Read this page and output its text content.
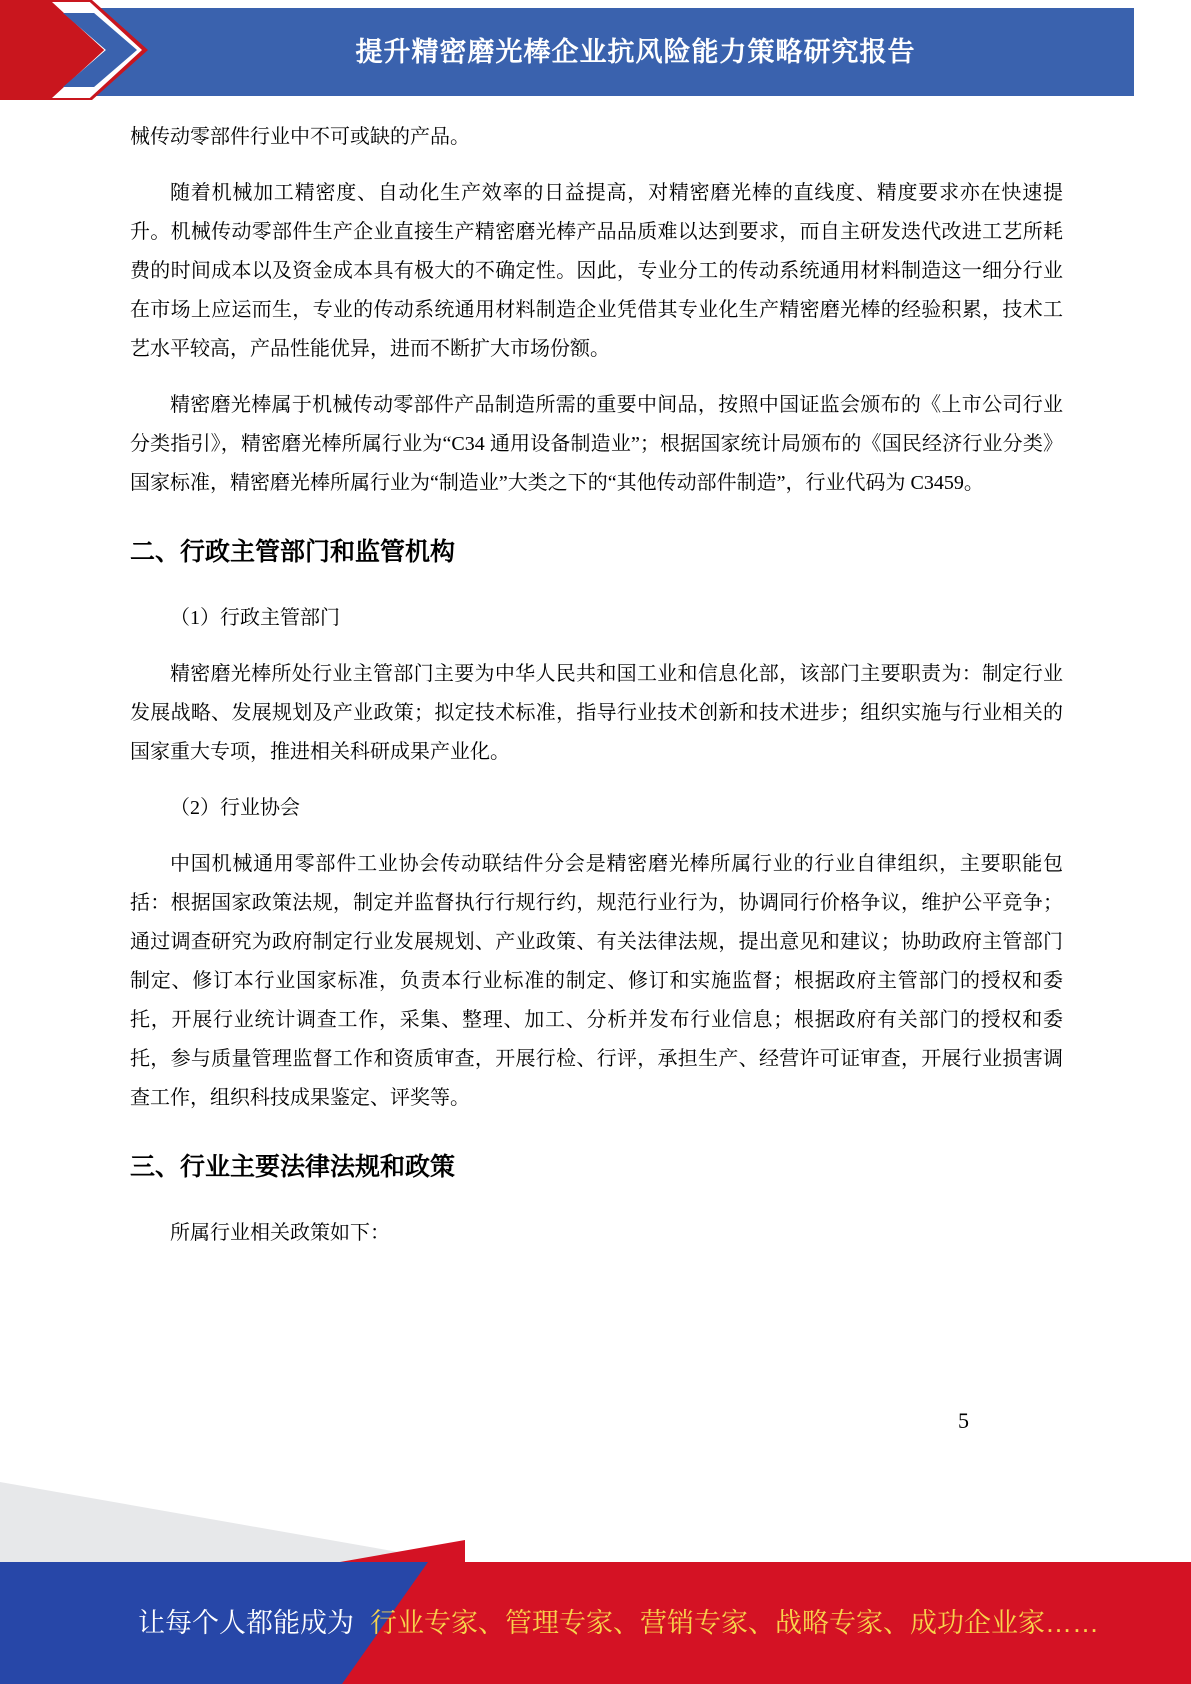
提升精密磨光棒企业抗风险能力策略研究报告

械传动零部件行业中不可或缺的产品。

随着机械加工精密度、自动化生产效率的日益提高，对精密磨光棒的直线度、精度要求亦在快速提升。机械传动零部件生产企业直接生产精密磨光棒产品品质难以达到要求，而自主研发迭代改进工艺所耗费的时间成本以及资金成本具有极大的不确定性。因此，专业分工的传动系统通用材料制造这一细分行业在市场上应运而生，专业的传动系统通用材料制造企业凭借其专业化生产精密磨光棒的经验积累，技术工艺水平较高，产品性能优异，进而不断扩大市场份额。

精密磨光棒属于机械传动零部件产品制造所需的重要中间品，按照中国证监会颁布的《上市公司行业分类指引》，精密磨光棒所属行业为“C34 通用设备制造业”；根据国家统计局颁布的《国民经济行业分类》国家标准，精密磨光棒所属行业为“制造业”大类之下的“其他传动部件制造”，行业代码为 C3459。

二、行政主管部门和监管机构

（1）行政主管部门

精密磨光棒所处行业主管部门主要为中华人民共和国工业和信息化部，该部门主要职责为：制定行业发展战略、发展规划及产业政策；拟定技术标准，指导行业技术创新和技术进步；组织实施与行业相关的国家重大专项，推进相关科研成果产业化。

（2）行业协会

中国机械通用零部件工业协会传动联结件分会是精密磨光棒所属行业的行业自律组织，主要职能包括：根据国家政策法规，制定并监督执行行规行约，规范行业行为，协调同行价格争议，维护公平竞争；通过调查研究为政府制定行业发展规划、产业政策、有关法律法规，提出意见和建议；协助政府主管部门制定、修订本行业国家标准，负责本行业标准的制定、修订和实施监督；根据政府主管部门的授权和委托，开展行业统计调查工作，采集、整理、加工、分析并发布行业信息；根据政府有关部门的授权和委托，参与质量管理监督工作和资质审查，开展行检、行评，承担生产、经营许可证审查，开展行业损害调查工作，组织科技成果鉴定、评奖等。

三、行业主要法律法规和政策

所属行业相关政策如下：

5
让每个人都能成为 行业专家、管理专家、营销专家、战略专家、成功企业家……
